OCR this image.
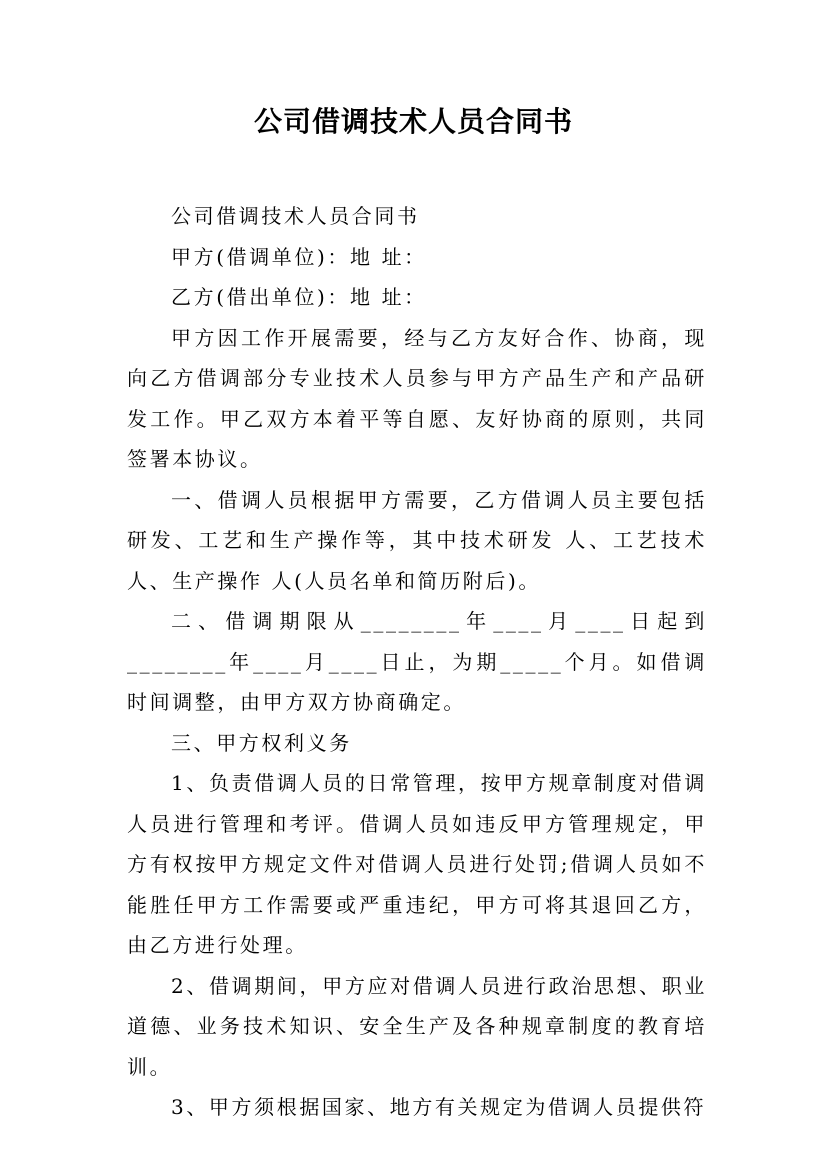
公司借调技术人员合同书

公司借调技术人员合同书

甲方(借调单位)：地 址：

乙方(借出单位)：地 址：

甲方因工作开展需要，经与乙方友好合作、协商，现向乙方借调部分专业技术人员参与甲方产品生产和产品研发工作。甲乙双方本着平等自愿、友好协商的原则，共同签署本协议。

一、借调人员根据甲方需要，乙方借调人员主要包括研发、工艺和生产操作等，其中技术研发 人、工艺技术 人、生产操作 人(人员名单和简历附后)。

二、借调期限从________年____月____日起到________年____月____日止，为期_____个月。如借调时间调整，由甲方双方协商确定。

三、甲方权利义务

1、负责借调人员的日常管理，按甲方规章制度对借调人员进行管理和考评。借调人员如违反甲方管理规定，甲方有权按甲方规定文件对借调人员进行处罚;借调人员如不能胜任甲方工作需要或严重违纪，甲方可将其退回乙方，由乙方进行处理。

2、借调期间，甲方应对借调人员进行政治思想、职业道德、业务技术知识、安全生产及各种规章制度的教育培训。

3、甲方须根据国家、地方有关规定为借调人员提供符
